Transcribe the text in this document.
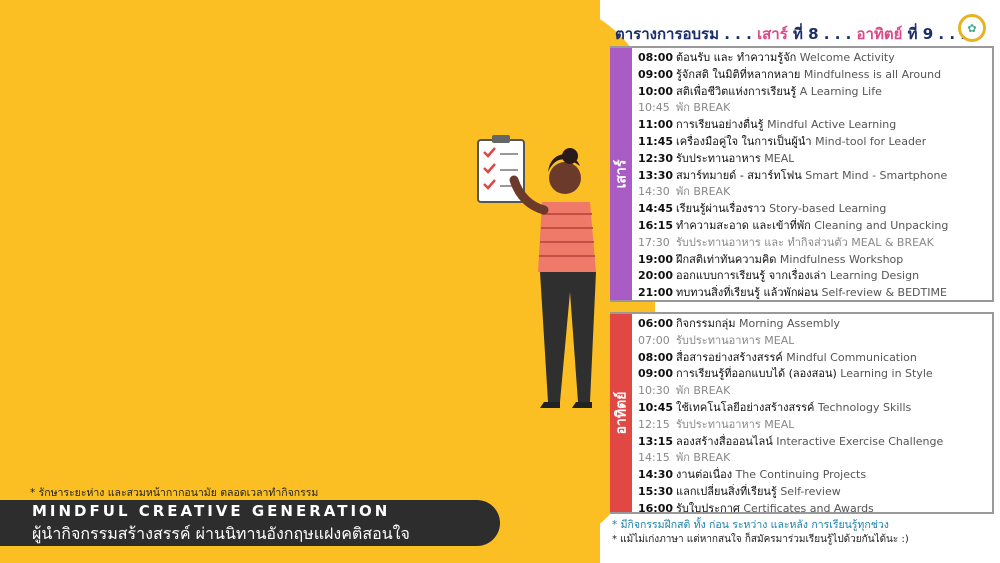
* รักษาระยะห่าง และสวมหน้ากากอนามัย ตลอดเวลาทำกิจกรรม
MINDFUL CREATIVE GENERATION
ผู้นำกิจกรรมสร้างสรรค์ ผ่านนิทานอังกฤษแฝงคติสอนใจ
ตารางการอบรม . . . เสาร์ ที่ 8 . . . อาทิตย์ ที่ 9 . . . ✿
เสาร์
08:00 ต้อนรับ และ ทำความรู้จัก Welcome Activity
09:00 รู้จักสติ ในมิติที่หลากหลาย Mindfulness is all Around
10:00 สติเพื่อชีวิตแห่งการเรียนรู้ A Learning Life
10:45 พัก BREAK
11:00 การเรียนอย่างตื่นรู้ Mindful Active Learning
11:45 เครื่องมือคู่ใจ ในการเป็นผู้นำ Mind-tool for Leader
12:30 รับประทานอาหาร MEAL
13:30 สมาร์ทมายด์ - สมาร์ทโฟน Smart Mind - Smartphone
14:30 พัก BREAK
14:45 เรียนรู้ผ่านเรื่องราว Story-based Learning
16:15 ทำความสะอาด และเข้าที่พัก Cleaning and Unpacking
17:30 รับประทานอาหาร และ ทำกิจส่วนตัว MEAL & BREAK
19:00 ฝึกสติเท่าทันความคิด Mindfulness Workshop
20:00 ออกแบบการเรียนรู้ จากเรื่องเล่า Learning Design
21:00 ทบทวนสิ่งที่เรียนรู้ แล้วพักผ่อน Self-review & BEDTIME
อาทิตย์
06:00 กิจกรรมกลุ่ม Morning Assembly
07:00 รับประทานอาหาร MEAL
08:00 สื่อสารอย่างสร้างสรรค์ Mindful Communication
09:00 การเรียนรู้ที่ออกแบบได้ (ลองสอน) Learning in Style
10:30 พัก BREAK
10:45 ใช้เทคโนโลยีอย่างสร้างสรรค์ Technology Skills
12:15 รับประทานอาหาร MEAL
13:15 ลองสร้างสื่อออนไลน์ Interactive Exercise Challenge
14:15 พัก BREAK
14:30 งานต่อเนื่อง The Continuing Projects
15:30 แลกเปลี่ยนสิ่งที่เรียนรู้ Self-review
16:00 รับใบประกาศ Certificates and Awards
* มีกิจกรรมฝึกสติ ทั้ง ก่อน ระหว่าง และหลัง การเรียนรู้ทุกช่วง
* แม้ไม่เก่งภาษา แต่หากสนใจ ก็สมัครมาร่วมเรียนรู้ไปด้วยกันได้นะ :)
